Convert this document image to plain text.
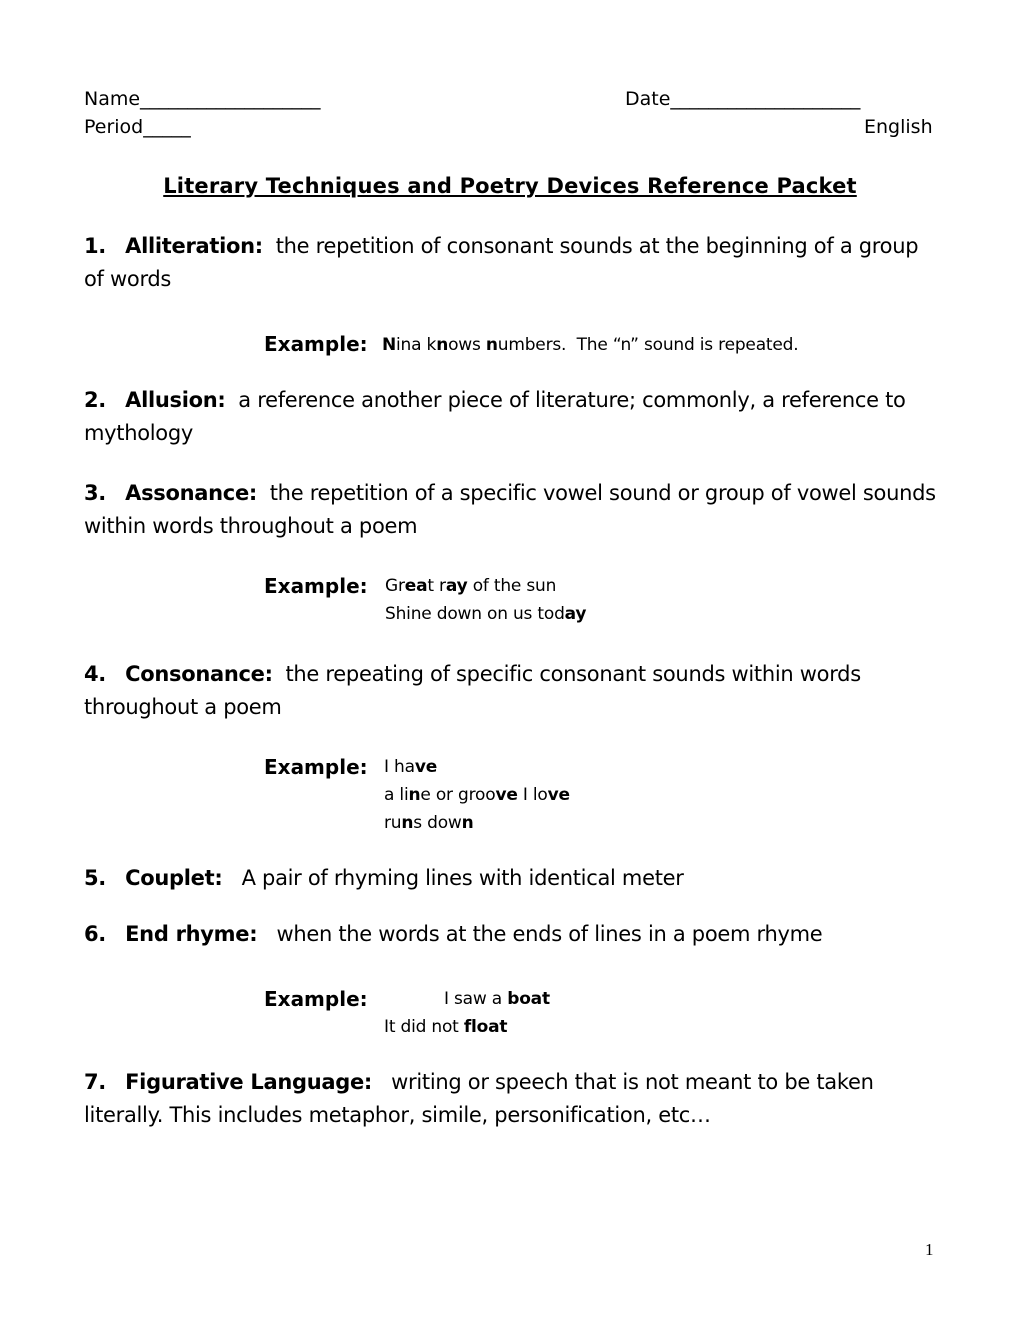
Name___________________	Date____________________
Period_____	English
Literary Techniques and Poetry Devices Reference Packet
1. Alliteration: the repetition of consonant sounds at the beginning of a group of words
Example: Nina knows numbers.  The “n” sound is repeated.
2. Allusion: a reference another piece of literature; commonly, a reference to mythology
3. Assonance: the repetition of a specific vowel sound or group of vowel sounds within words throughout a poem
Example: Great ray of the sun
Shine down on us today
4. Consonance: the repeating of specific consonant sounds within words throughout a poem
Example: I have
a line or groove I love
runs down
5. Couplet: A pair of rhyming lines with identical meter
6. End rhyme: when the words at the ends of lines in a poem rhyme
Example:	I saw a boat
It did not float
7. Figurative Language: writing or speech that is not meant to be taken literally. This includes metaphor, simile, personification, etc…
1
